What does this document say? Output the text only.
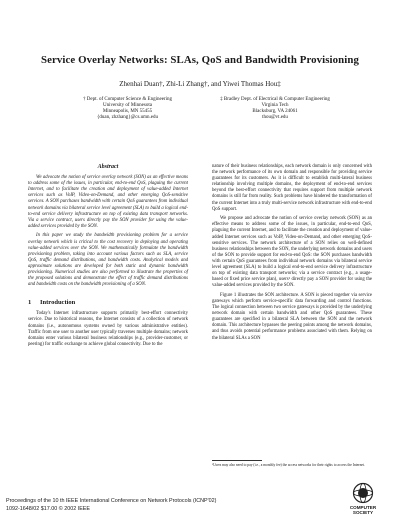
Service Overlay Networks: SLAs, QoS and Bandwidth Provisioning
Zhenhai Duan†, Zhi-Li Zhang†, and Yiwei Thomas Hou‡
† Dept. of Computer Science & Engineering
University of Minnesota
Minneapolis, MN 55455
{duan, zhzhang}@cs.umn.edu
‡ Bradley Dept. of Electrical & Computer Engineering
Virginia Tech
Blacksburg, VA 24061
thou@vt.edu
Abstract

We advocate the notion of service overlay network (SON) as an effective means to address some of the issues, in particular, end-to-end QoS, plaguing the current Internet, and to facilitate the creation and deployment of value-added Internet services such as VoIP, Video-on-Demand, and other emerging QoS-sensitive services. A SON purchases bandwidth with certain QoS guarantees from individual network domains via bilateral service level agreement (SLA) to build a logical end-to-end service delivery infrastructure on top of existing data transport networks. Via a service contract, users directly pay the SON provider for using the value-added services provided by the SON.

In this paper we study the bandwidth provisioning problem for a service overlay network which is critical to the cost recovery in deploying and operating value-added services over the SON. We mathematically formulate the bandwidth provisioning problem, taking into account various factors such as SLA, service QoS, traffic demand distributions, and bandwidth costs. Analytical models and approximate solutions are developed for both static and dynamic bandwidth provisioning. Numerical studies are also performed to illustrate the properties of the proposed solutions and demonstrate the effect of traffic demand distributions and bandwidth costs on the bandwidth provisioning of a SON.

1 Introduction

Today's Internet infrastructure supports primarily best-effort connectivity service. Due to historical reasons, the Internet consists of a collection of network domains (i.e., autonomous systems owned by various administrative entities). Traffic from one user to another user typically traverses multiple domains; network domains enter various bilateral business relationships (e.g., provider-customer, or peering) for traffic exchange to achieve global connectivity. Due to the

nature of their business relationships, each network domain is only concerned with the network performance of its own domain and responsible for providing service guarantees for its customers. As it is difficult to establish multi-lateral business relationship involving multiple domains, the deployment of end-to-end services beyond the best-effort connectivity that requires support from multiple network domains is still far from reality. Such problems have hindered the transformation of the current Internet into a truly multi-service network infrastructure with end-to-end QoS support.

We propose and advocate the notion of service overlay network (SON) as an effective means to address some of the issues, in particular, end-to-end QoS, plaguing the current Internet, and to facilitate the creation and deployment of value-added Internet services such as VoIP, Video-on-Demand, and other emerging QoS-sensitive services. The network architecture of a SON relies on well-defined business relationships between the SON, the underlying network domains and users of the SON to provide support for end-to-end QoS: the SON purchases bandwidth with certain QoS guarantees from individual network domains via bilateral service level agreement (SLA) to build a logical end-to-end service delivery infrastructure on top of existing data transport networks; via a service contract (e.g., a usage-based or fixed price service plan), users¹ directly pay a SON provider for using the value-added services provided by the SON.

Figure 1 illustrates the SON architecture. A SON is pieced together via service gateways which perform service-specific data forwarding and control functions. The logical connection between two service gateways is provided by the underlying network domain with certain bandwidth and other QoS guarantees. These guarantees are specified in a bilateral SLA between the SON and the network domain. This architecture bypasses the peering points among the network domains, and thus avoids potential performance problems associated with them. Relying on the bilateral SLAs a SON

¹Users may also need to pay (i.e., a monthly fee) the access networks for their rights to access the Internet.
Proceedings of the 10 th IEEE International Conference on Network Protocols (ICNP'02)
1092-1648/02 $17.00 © 2002 IEEE	COMPUTER
SOCIETY
